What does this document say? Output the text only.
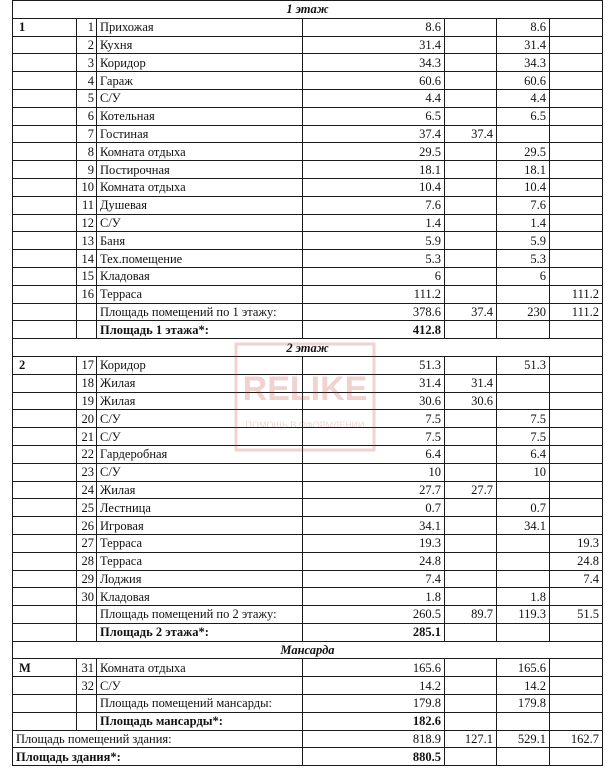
1 этаж						
1	1	Прихожая	8.6		8.6	
	2	Кухня	31.4		31.4	
	3	Коридор	34.3		34.3	
	4	Гараж	60.6		60.6	
	5	С/У	4.4		4.4	
	6	Котельная	6.5		6.5	
	7	Гостиная	37.4	37.4		
	8	Комната отдыха	29.5		29.5	
	9	Постирочная	18.1		18.1	
	10	Комната отдыха	10.4		10.4	
	11	Душевая	7.6		7.6	
	12	С/У	1.4		1.4	
	13	Баня	5.9		5.9	
	14	Тех.помещение	5.3		5.3	
	15	Кладовая	6		6	
	16	Терраса	111.2			111.2
		Площадь помещений по 1 этажу:	378.6	37.4	230	111.2
		Площадь 1 этажа*:	412.8			
2 этаж						
2	17	Коридор	51.3		51.3	
	18	Жилая	31.4	31.4		
	19	Жилая	30.6	30.6		
	20	С/У	7.5		7.5	
	21	С/У	7.5		7.5	
	22	Гардеробная	6.4		6.4	
	23	С/У	10		10	
	24	Жилая	27.7	27.7		
	25	Лестница	0.7		0.7	
	26	Игровая	34.1		34.1	
	27	Терраса	19.3			19.3
	28	Терраса	24.8			24.8
	29	Лоджия	7.4			7.4
	30	Кладовая	1.8		1.8	
		Площадь помещений по 2 этажу:	260.5	89.7	119.3	51.5
		Площадь 2 этажа*:	285.1			
Мансарда						
М	31	Комната отдыха	165.6		165.6	
	32	С/У	14.2		14.2	
		Площадь помещений мансарды:	179.8		179.8	
		Площадь мансарды*:	182.6			
Площадь помещений здания:			818.9	127.1	529.1	162.7
Площадь здания*:			880.5			
RELIKE
ПОМОЩЬ В ОФОРМЛЕНИИ
